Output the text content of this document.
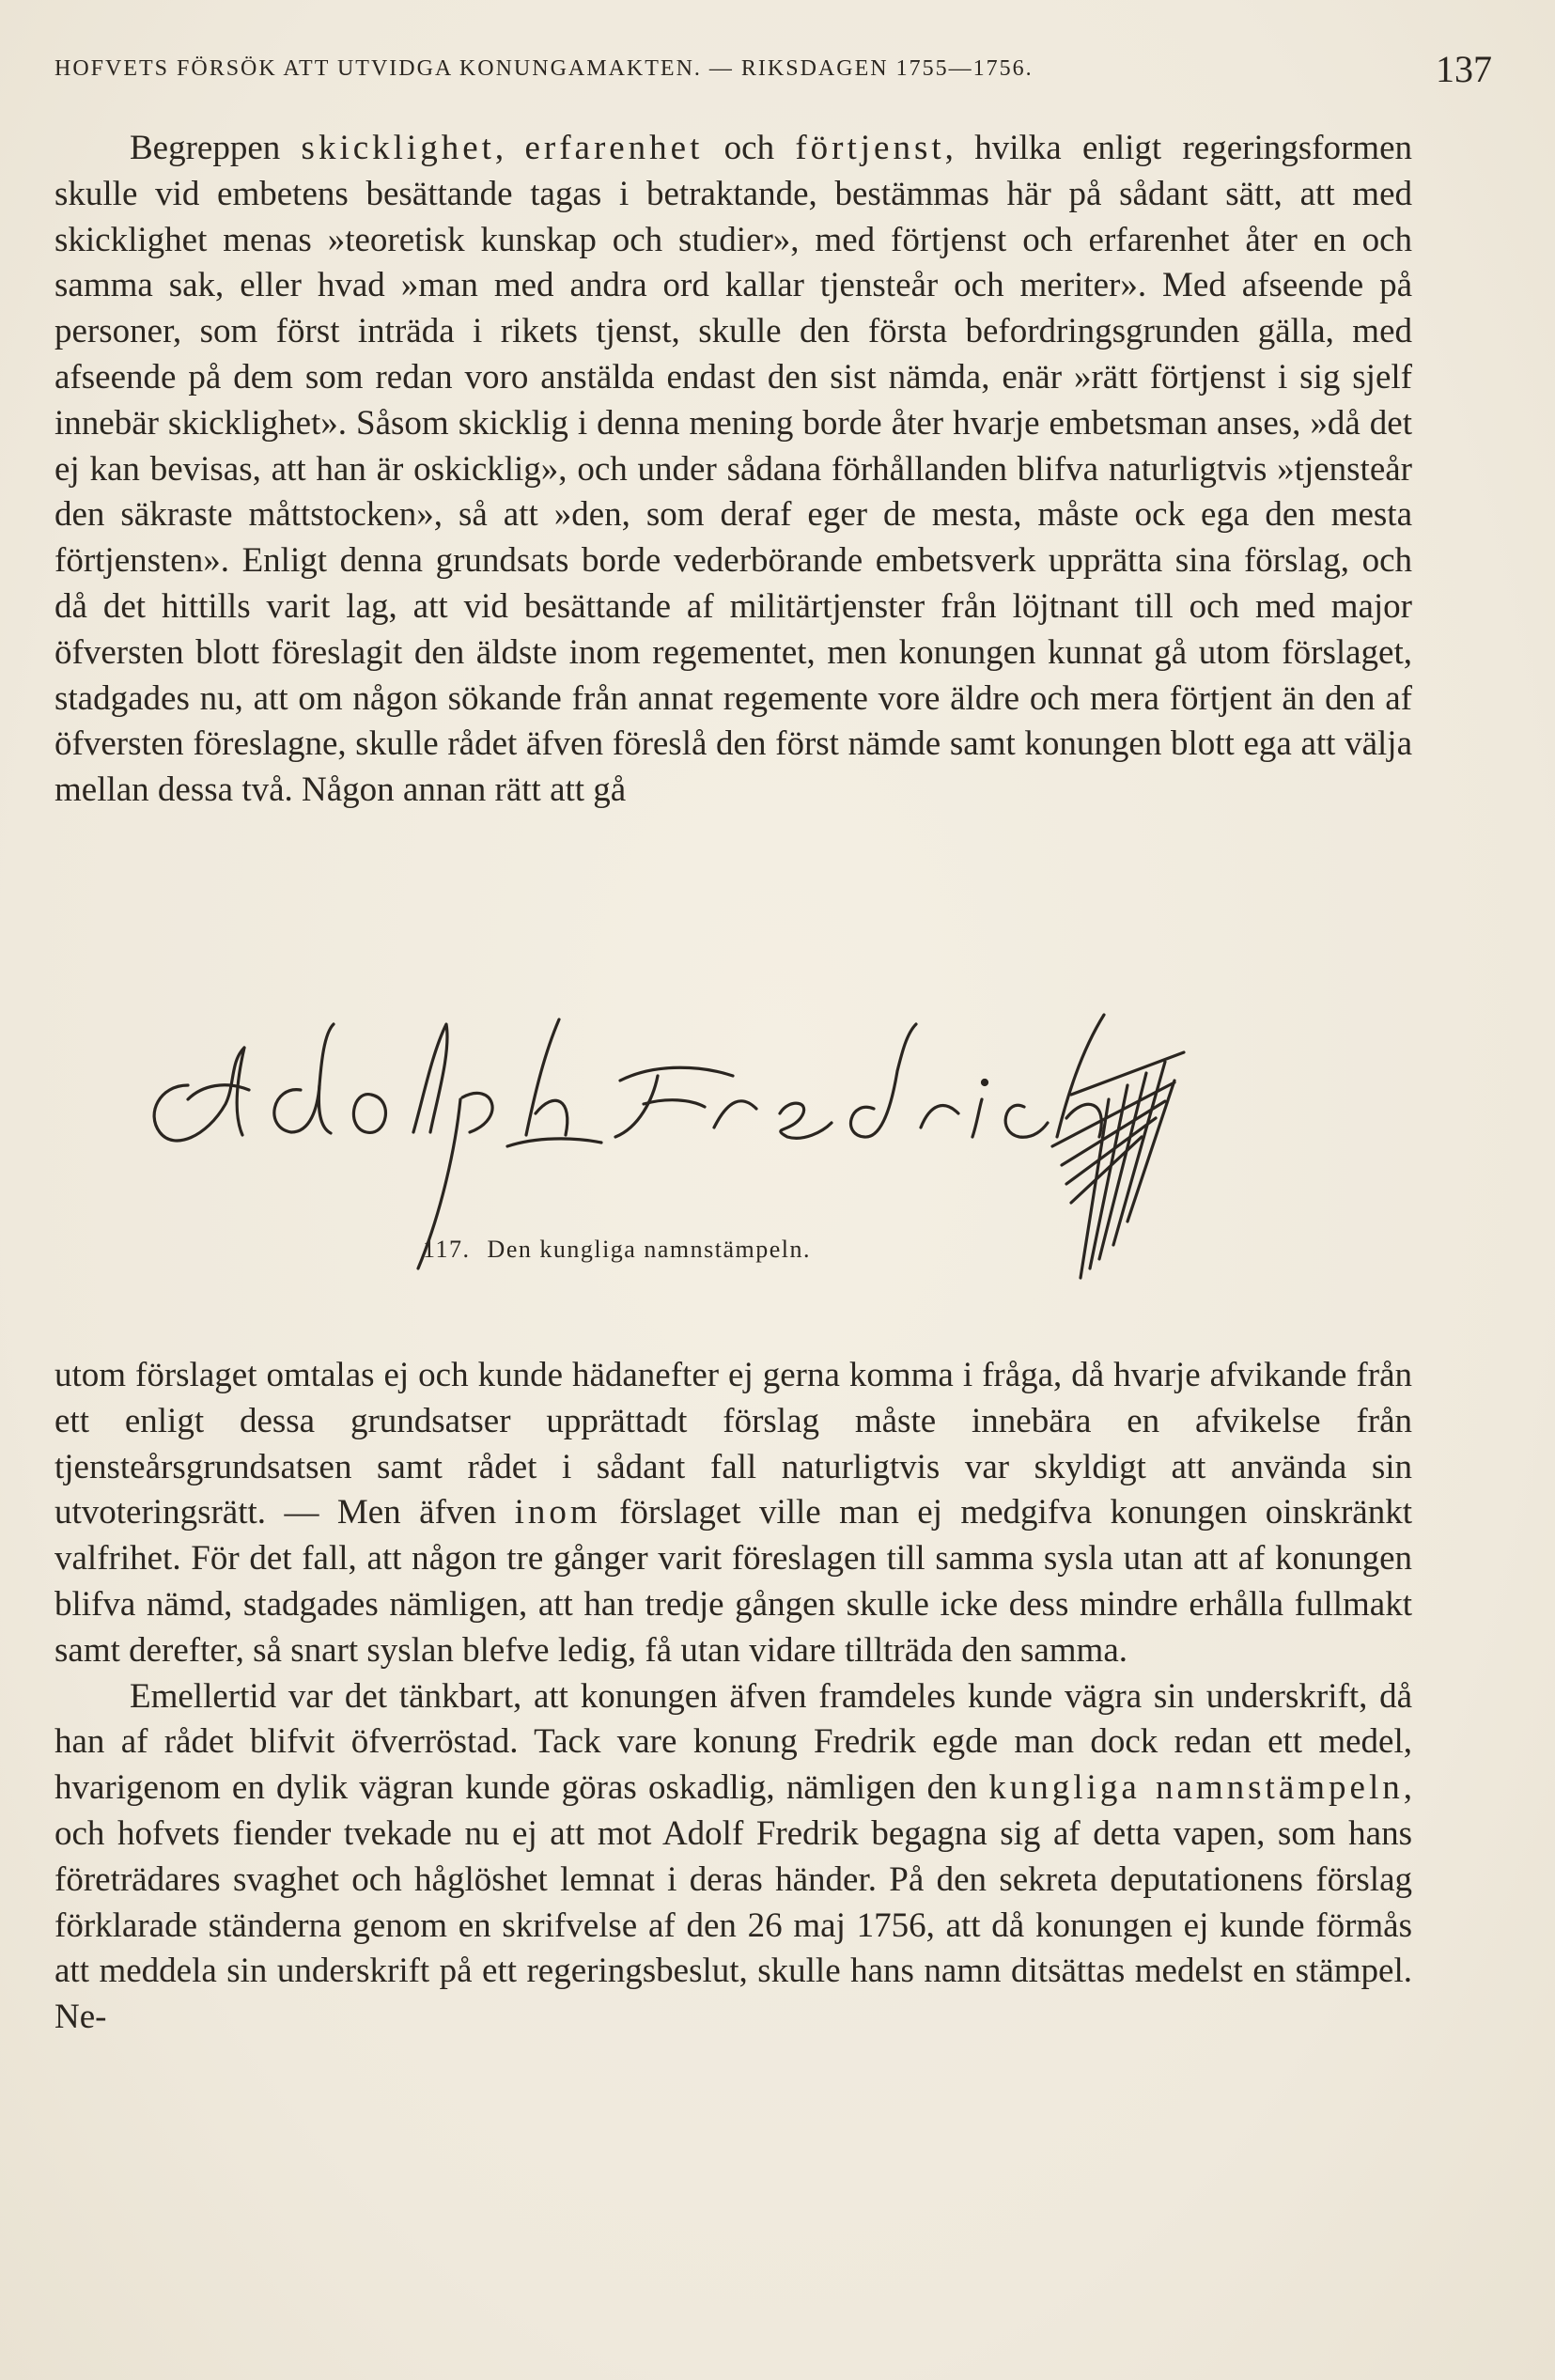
HOFVETS FÖRSÖK ATT UTVIDGA KONUNGAMAKTEN. — RIKSDAGEN 1755—1756.	137

Begreppen skicklighet, erfarenhet och förtjenst, hvilka enligt regeringsformen skulle vid embetens besättande tagas i betraktande, bestämmas här på sådant sätt, att med skicklighet menas »teoretisk kunskap och studier», med förtjenst och erfarenhet åter en och samma sak, eller hvad »man med andra ord kallar tjensteår och meriter». Med afseende på personer, som först inträda i rikets tjenst, skulle den första befordringsgrunden gälla, med afseende på dem som redan voro anstälda endast den sist nämda, enär »rätt förtjenst i sig sjelf innebär skicklighet». Såsom skicklig i denna mening borde åter hvarje embetsman anses, »då det ej kan bevisas, att han är oskicklig», och under sådana förhållanden blifva naturligtvis »tjensteår den säkraste måttstocken», så att »den, som deraf eger de mesta, måste ock ega den mesta förtjensten». Enligt denna grundsats borde vederbörande embetsverk upprätta sina förslag, och då det hittills varit lag, att vid besättande af militärtjenster från löjtnant till och med major öfversten blott föreslagit den äldste inom regementet, men konungen kunnat gå utom förslaget, stadgades nu, att om någon sökande från annat regemente vore äldre och mera förtjent än den af öfversten föreslagne, skulle rådet äfven föreslå den först nämde samt konungen blott ega att välja mellan dessa två. Någon annan rätt att gå

117. Den kungliga namnstämpeln.

utom förslaget omtalas ej och kunde hädanefter ej gerna komma i fråga, då hvarje afvikande från ett enligt dessa grundsatser upprättadt förslag måste innebära en afvikelse från tjensteårsgrundsatsen samt rådet i sådant fall naturligtvis var skyldigt att använda sin utvoteringsrätt. — Men äfven inom förslaget ville man ej medgifva konungen oinskränkt valfrihet. För det fall, att någon tre gånger varit föreslagen till samma sysla utan att af konungen blifva nämd, stadgades nämligen, att han tredje gången skulle icke dess mindre erhålla fullmakt samt derefter, så snart syslan blefve ledig, få utan vidare tillträda den samma.

Emellertid var det tänkbart, att konungen äfven framdeles kunde vägra sin underskrift, då han af rådet blifvit öfverröstad. Tack vare konung Fredrik egde man dock redan ett medel, hvarigenom en dylik vägran kunde göras oskadlig, nämligen den kungliga namnstämpeln, och hofvets fiender tvekade nu ej att mot Adolf Fredrik begagna sig af detta vapen, som hans företrädares svaghet och håglöshet lemnat i deras händer. På den sekreta deputationens förslag förklarade ständerna genom en skrifvelse af den 26 maj 1756, att då konungen ej kunde förmås att meddela sin underskrift på ett regeringsbeslut, skulle hans namn ditsättas medelst en stämpel. Ne-
